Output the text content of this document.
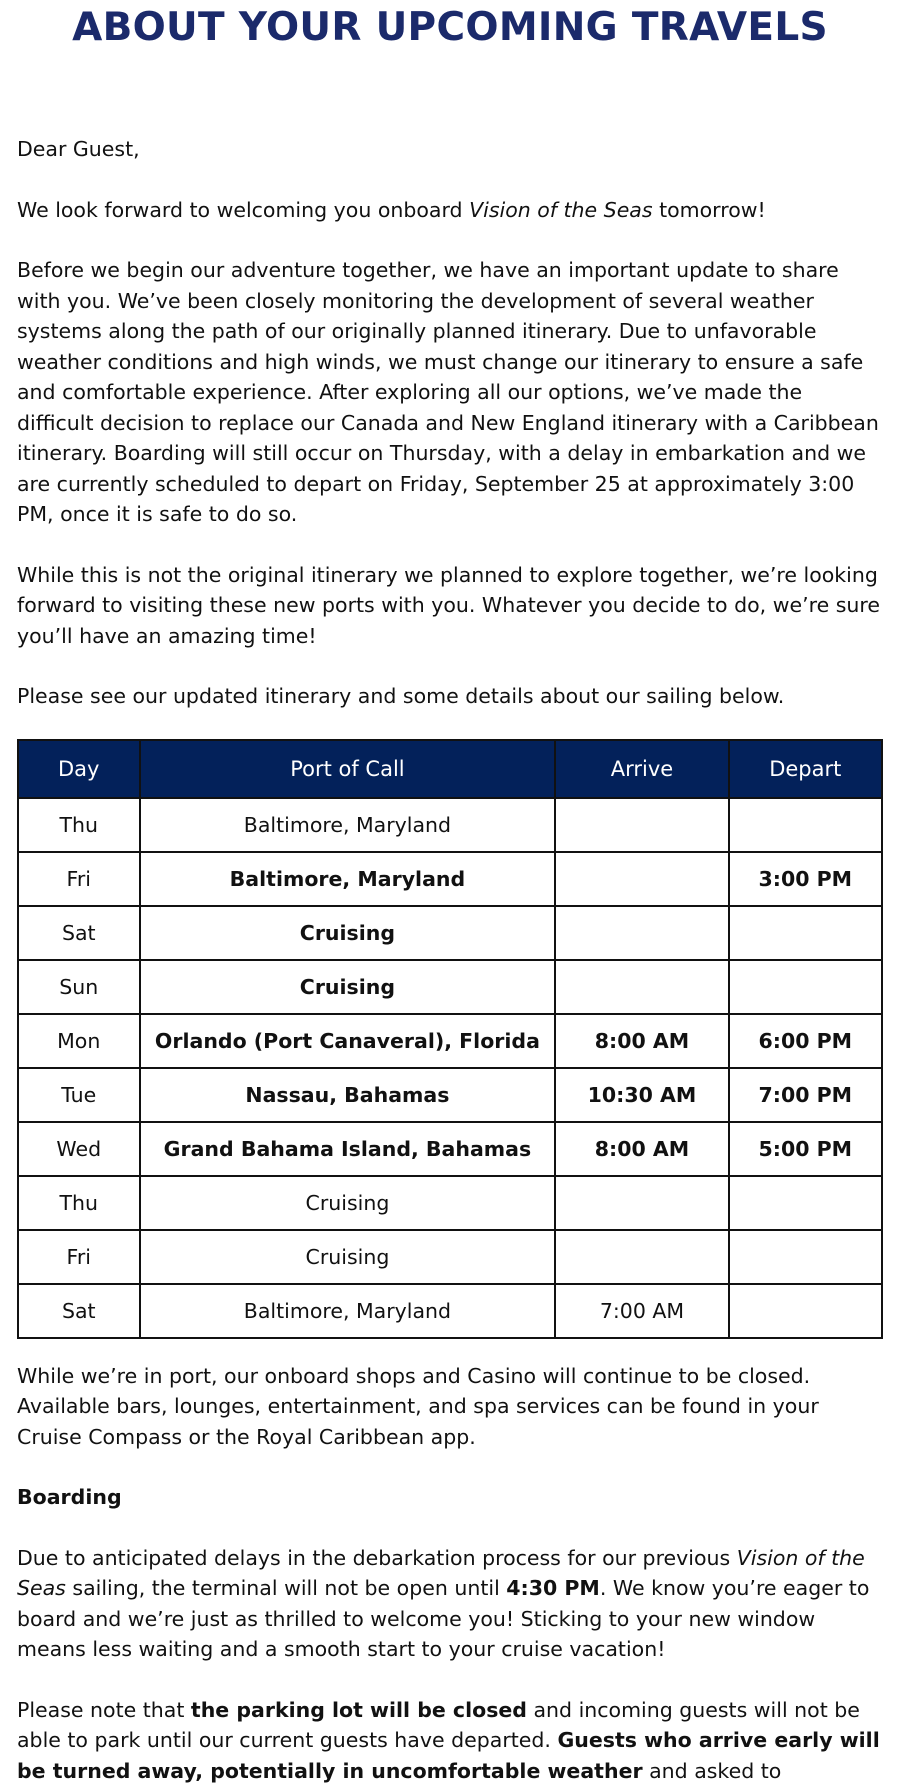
ABOUT YOUR UPCOMING TRAVELS

Dear Guest,

We look forward to welcoming you onboard Vision of the Seas tomorrow!

Before we begin our adventure together, we have an important update to share with you. We’ve been closely monitoring the development of several weather systems along the path of our originally planned itinerary. Due to unfavorable weather conditions and high winds, we must change our itinerary to ensure a safe and comfortable experience. After exploring all our options, we’ve made the difficult decision to replace our Canada and New England itinerary with a Caribbean itinerary. Boarding will still occur on Thursday, with a delay in embarkation and we are currently scheduled to depart on Friday, September 25 at approximately 3:00 PM, once it is safe to do so.

While this is not the original itinerary we planned to explore together, we’re looking forward to visiting these new ports with you. Whatever you decide to do, we’re sure you’ll have an amazing time!

Please see our updated itinerary and some details about our sailing below.

Day	Port of Call	Arrive	Depart
Thu	Baltimore, Maryland		
Fri	Baltimore, Maryland		3:00 PM
Sat	Cruising		
Sun	Cruising		
Mon	Orlando (Port Canaveral), Florida	8:00 AM	6:00 PM
Tue	Nassau, Bahamas	10:30 AM	7:00 PM
Wed	Grand Bahama Island, Bahamas	8:00 AM	5:00 PM
Thu	Cruising		
Fri	Cruising		
Sat	Baltimore, Maryland	7:00 AM	

While we’re in port, our onboard shops and Casino will continue to be closed. Available bars, lounges, entertainment, and spa services can be found in your Cruise Compass or the Royal Caribbean app.

Boarding

Due to anticipated delays in the debarkation process for our previous Vision of the Seas sailing, the terminal will not be open until 4:30 PM. We know you’re eager to board and we’re just as thrilled to welcome you! Sticking to your new window means less waiting and a smooth start to your cruise vacation!

Please note that the parking lot will be closed and incoming guests will not be able to park until our current guests have departed. Guests who arrive early will be turned away, potentially in uncomfortable weather and asked to
